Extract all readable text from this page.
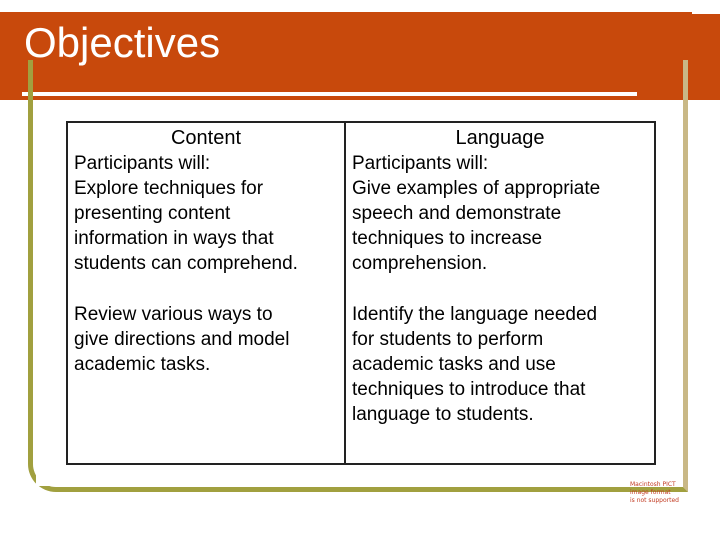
Objectives
Content
Participants will:
Explore techniques for
presenting content
information in ways that
students can comprehend.
Review various ways to
give directions and model
academic tasks.
Language
Participants will:
Give examples of appropriate
speech and demonstrate
techniques to increase
comprehension.
Identify the language needed
for students to perform
academic tasks and use
techniques to introduce that
language to students.
Macintosh PICT
image format
is not supported
